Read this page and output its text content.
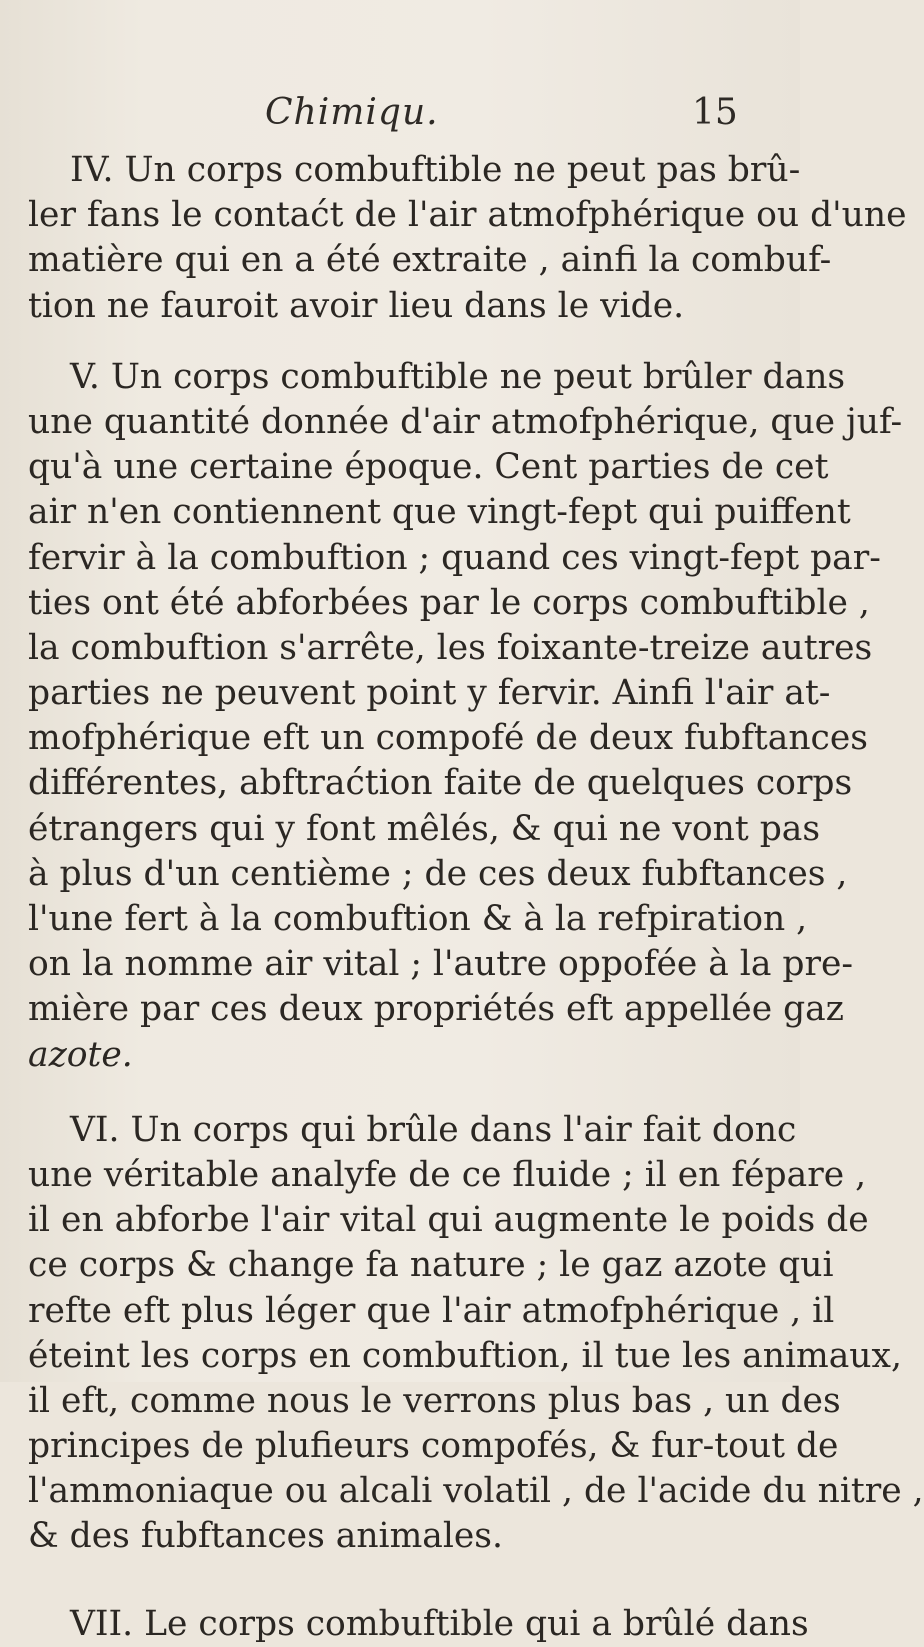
Chimiqu.	15
IV. Un corps combuftible ne peut pas brû-
ler fans le contaćt de l'air atmofphérique ou d'une
matière qui en a été extraite , ainfi la combuf-
tion ne fauroit avoir lieu dans le vide.
V. Un corps combuftible ne peut brûler dans
une quantité donnée d'air atmofphérique, que juf-
qu'à une certaine époque. Cent parties de cet
air n'en contiennent que vingt-fept qui puiffent
fervir à la combuftion ; quand ces vingt-fept par-
ties ont été abforbées par le corps combuftible ,
la combuftion s'arrête, les foixante-treize autres
parties ne peuvent point y fervir. Ainfi l'air at-
mofphérique eft un compofé de deux fubftances
différentes, abftraćtion faite de quelques corps
étrangers qui y font mêlés, & qui ne vont pas
à plus d'un centième ; de ces deux fubftances ,
l'une fert à la combuftion & à la refpiration ,
on la nomme air vital ; l'autre oppofée à la pre-
mière par ces deux propriétés eft appellée gaz
azote.
VI. Un corps qui brûle dans l'air fait donc
une véritable analyfe de ce fluide ; il en fépare ,
il en abforbe l'air vital qui augmente le poids de
ce corps & change fa nature ; le gaz azote qui
refte eft plus léger que l'air atmofphérique , il
éteint les corps en combuftion, il tue les animaux,
il eft, comme nous le verrons plus bas , un des
principes de plufieurs compofés, & fur-tout de
l'ammoniaque ou alcali volatil , de l'acide du nitre ,
& des fubftances animales.
VII. Le corps combuftible qui a brûlé dans
